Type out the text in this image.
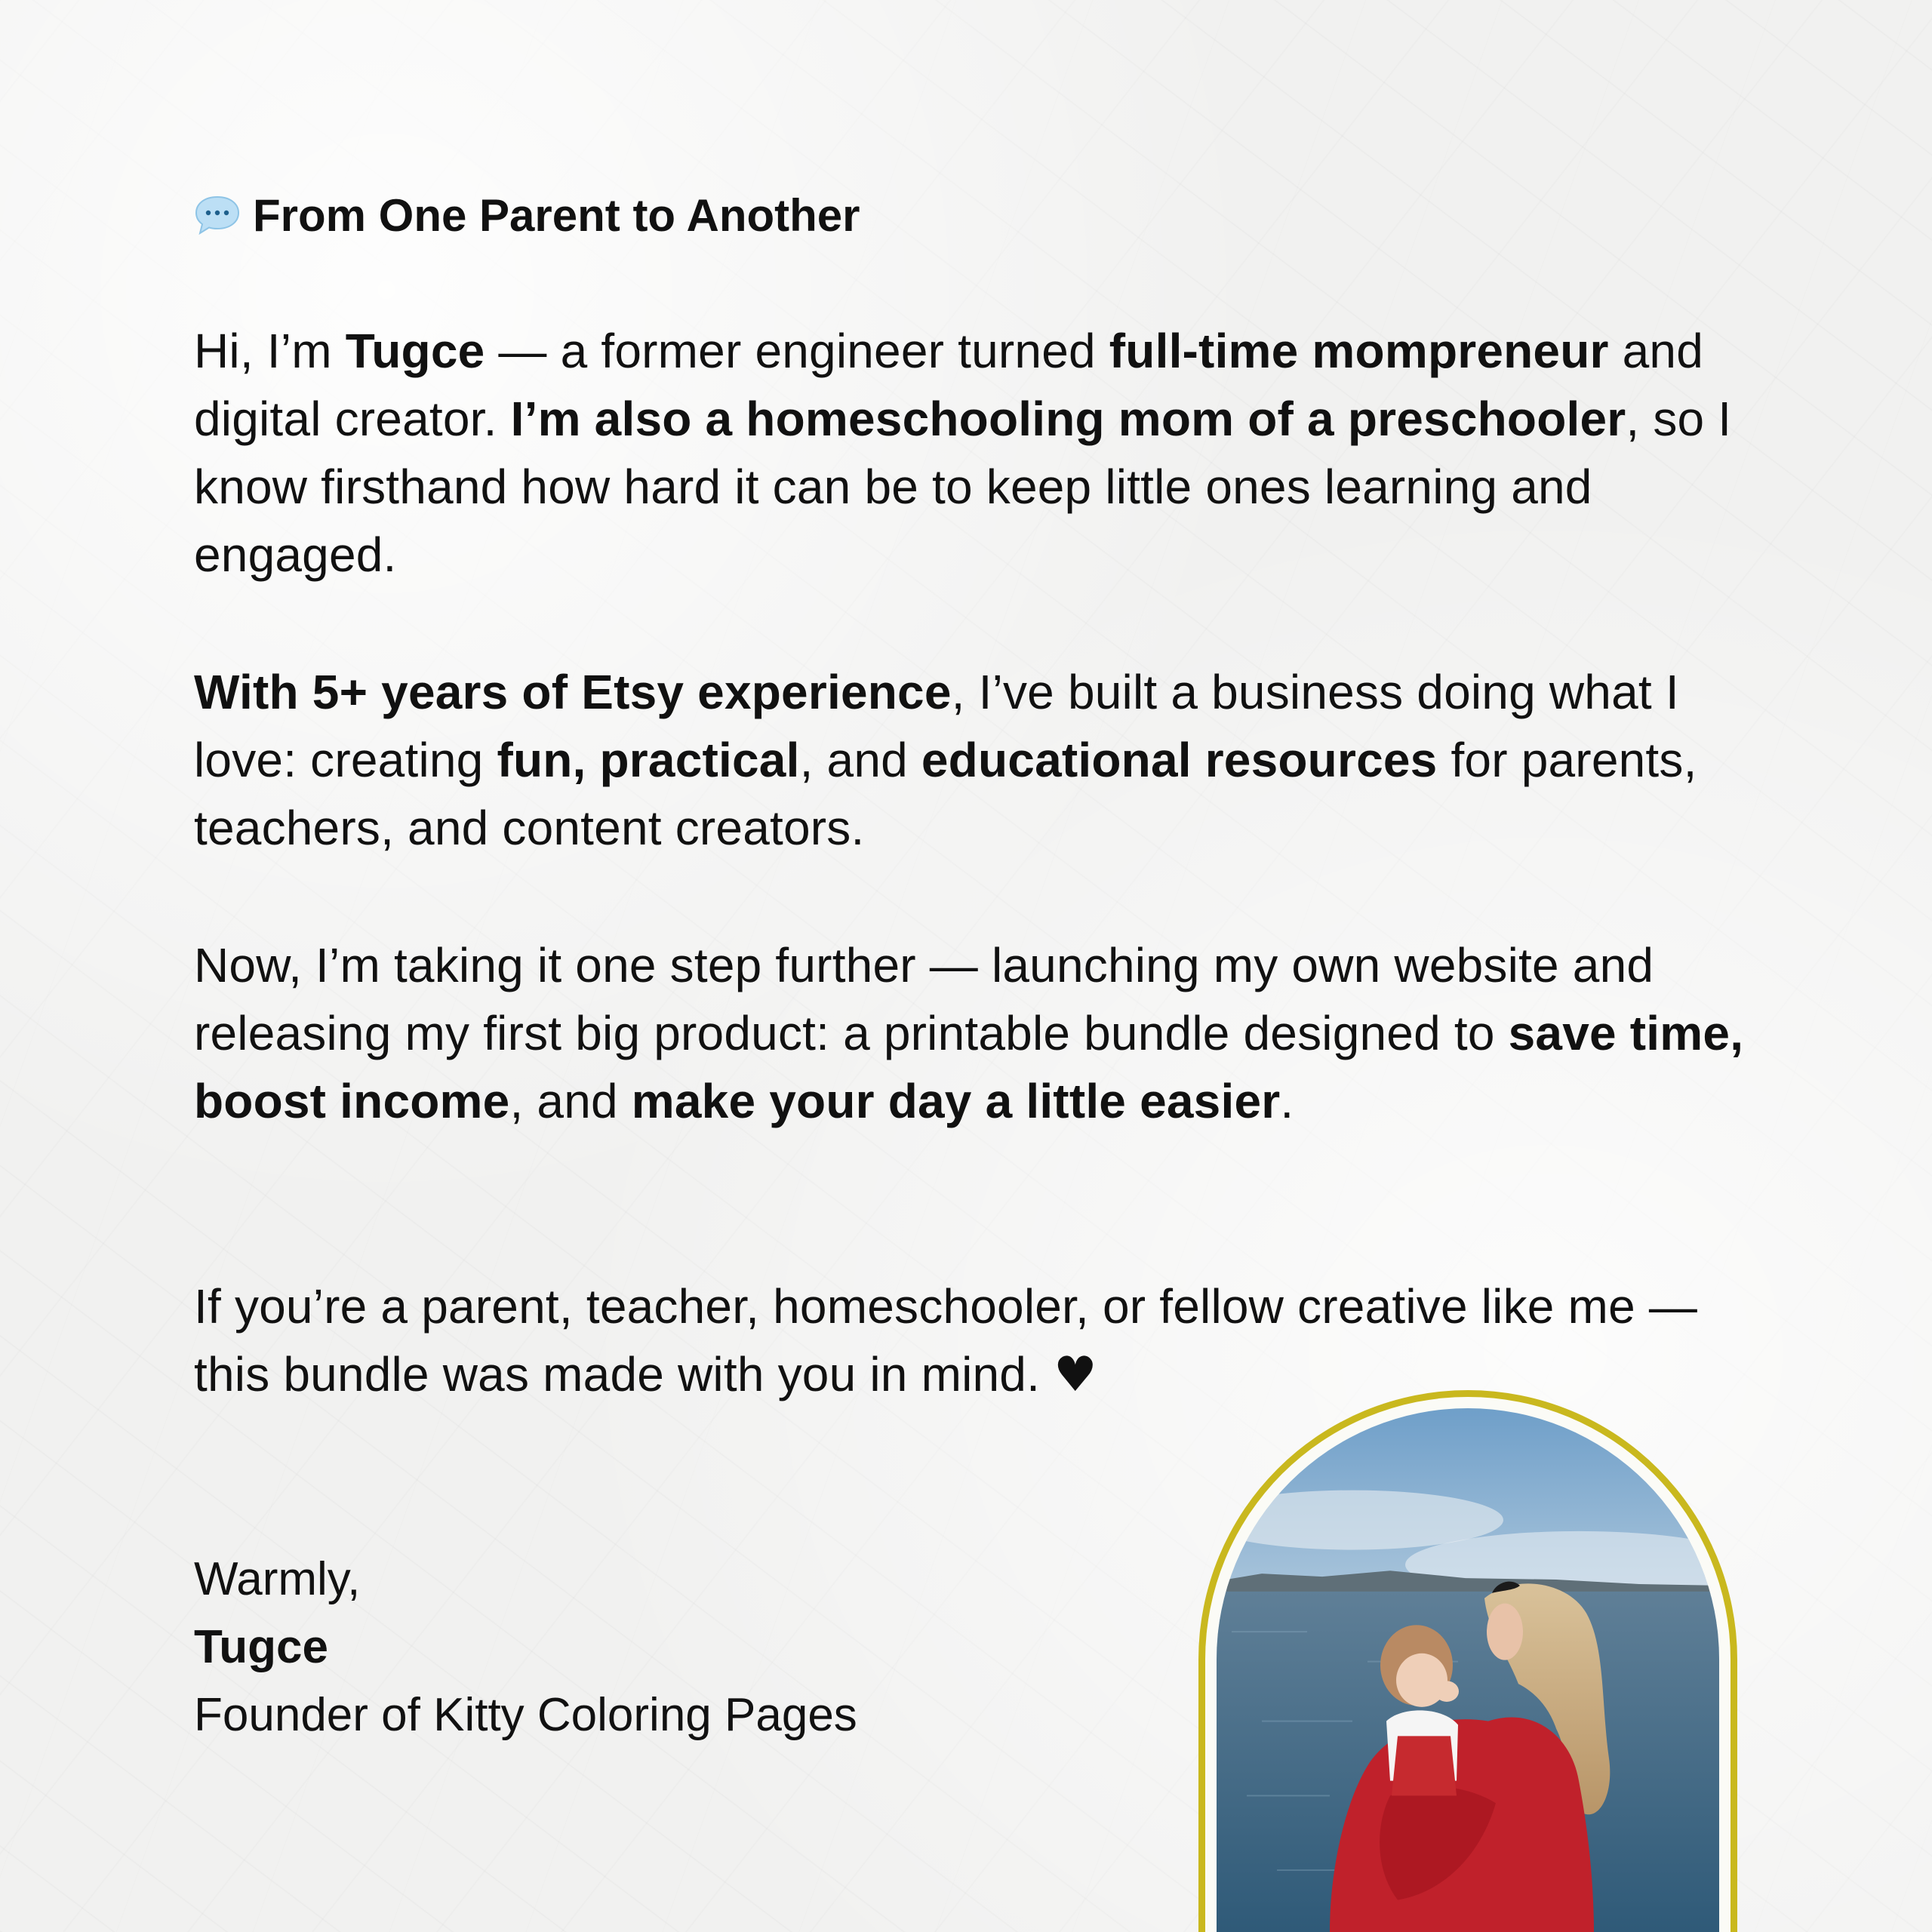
From One Parent to Another

Hi, I’m Tugce — a former engineer turned full-time mompreneur and digital creator. I’m also a homeschooling mom of a preschooler, so I know firsthand how hard it can be to keep little ones learning and engaged.

With 5+ years of Etsy experience, I’ve built a business doing what I love: creating fun, practical, and educational resources for parents, teachers, and content creators.

Now, I’m taking it one step further — launching my own website and releasing my first big product: a printable bundle designed to save time, boost income, and make your day a little easier.

If you’re a parent, teacher, homeschooler, or fellow creative like me — this bundle was made with you in mind. ♥

Warmly,
Tugce
Founder of Kitty Coloring Pages
